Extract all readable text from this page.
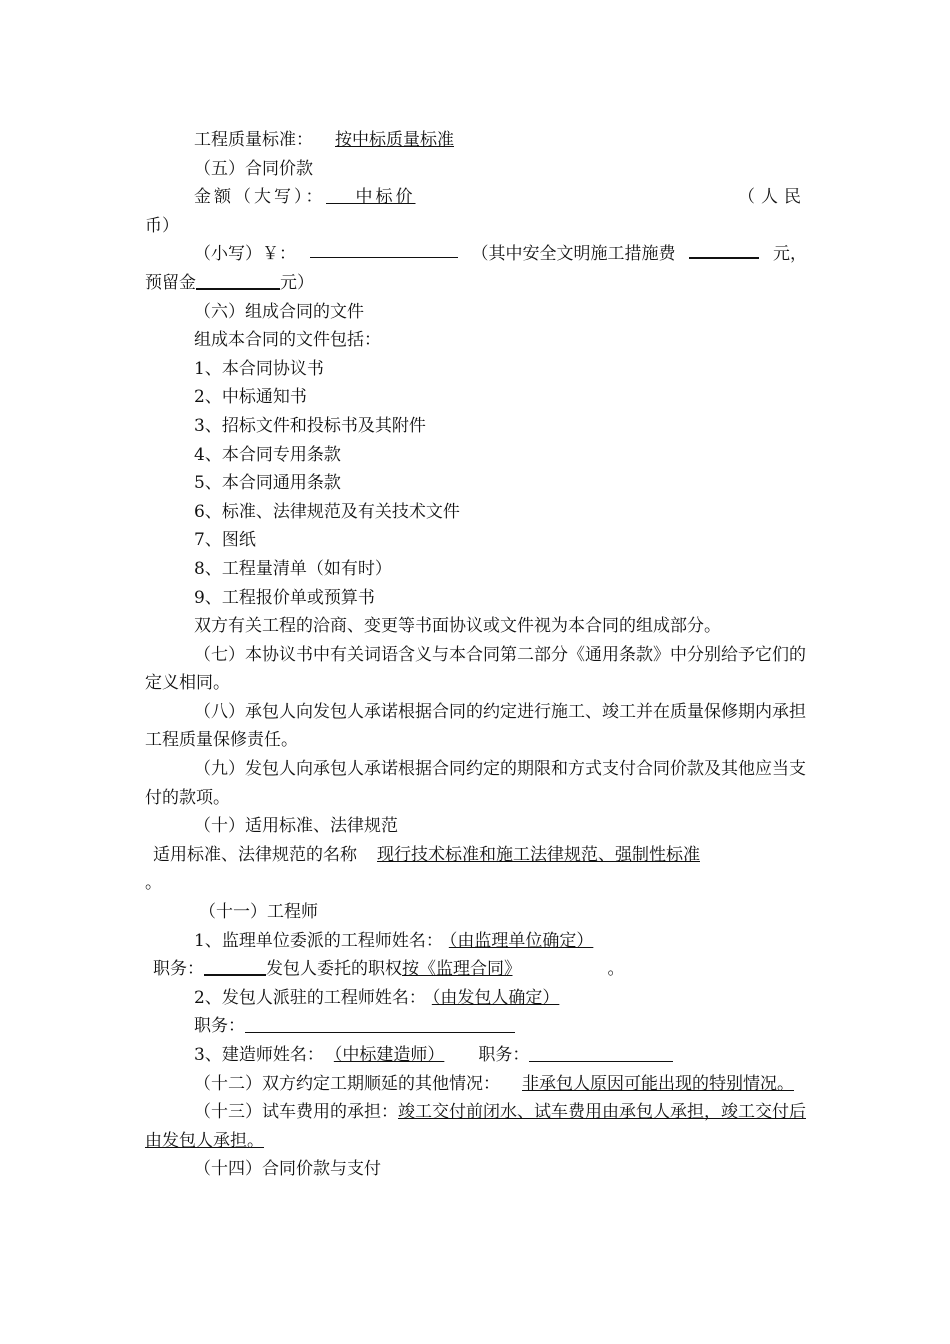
工程质量标准： 按中标质量标准

（五）合同价款

金额（大写）： 中标价	（人民

币）

（小写）￥：	（其中安全文明施工措施费	元，

预留金	元）

（六）组成合同的文件

组成本合同的文件包括：

1、本合同协议书

2、中标通知书

3、招标文件和投标书及其附件

4、本合同专用条款

5、本合同通用条款

6、标准、法律规范及有关技术文件

7、图纸

8、工程量清单（如有时）

9、工程报价单或预算书

双方有关工程的洽商、变更等书面协议或文件视为本合同的组成部分。

（七）本协议书中有关词语含义与本合同第二部分《通用条款》中分别给予它们的定义相同。

（八）承包人向发包人承诺根据合同的约定进行施工、竣工并在质量保修期内承担工程质量保修责任。

（九）发包人向承包人承诺根据合同约定的期限和方式支付合同价款及其他应当支付的款项。

（十）适用标准、法律规范

适用标准、法律规范的名称 现行技术标准和施工法律规范、强制性标准

。

（十一）工程师

1、监理单位委派的工程师姓名： （由监理单位确定）

职务：	发包人委托的职权按《监理合同》	。

2、发包人派驻的工程师姓名： （由发包人确定）

职务：

3、建造师姓名： （中标建造师） 职务：

（十二）双方约定工期顺延的其他情况： 非承包人原因可能出现的特别情况。

（十三）试车费用的承担：竣工交付前闭水、试车费用由承包人承担，竣工交付后由发包人承担。

（十四）合同价款与支付
